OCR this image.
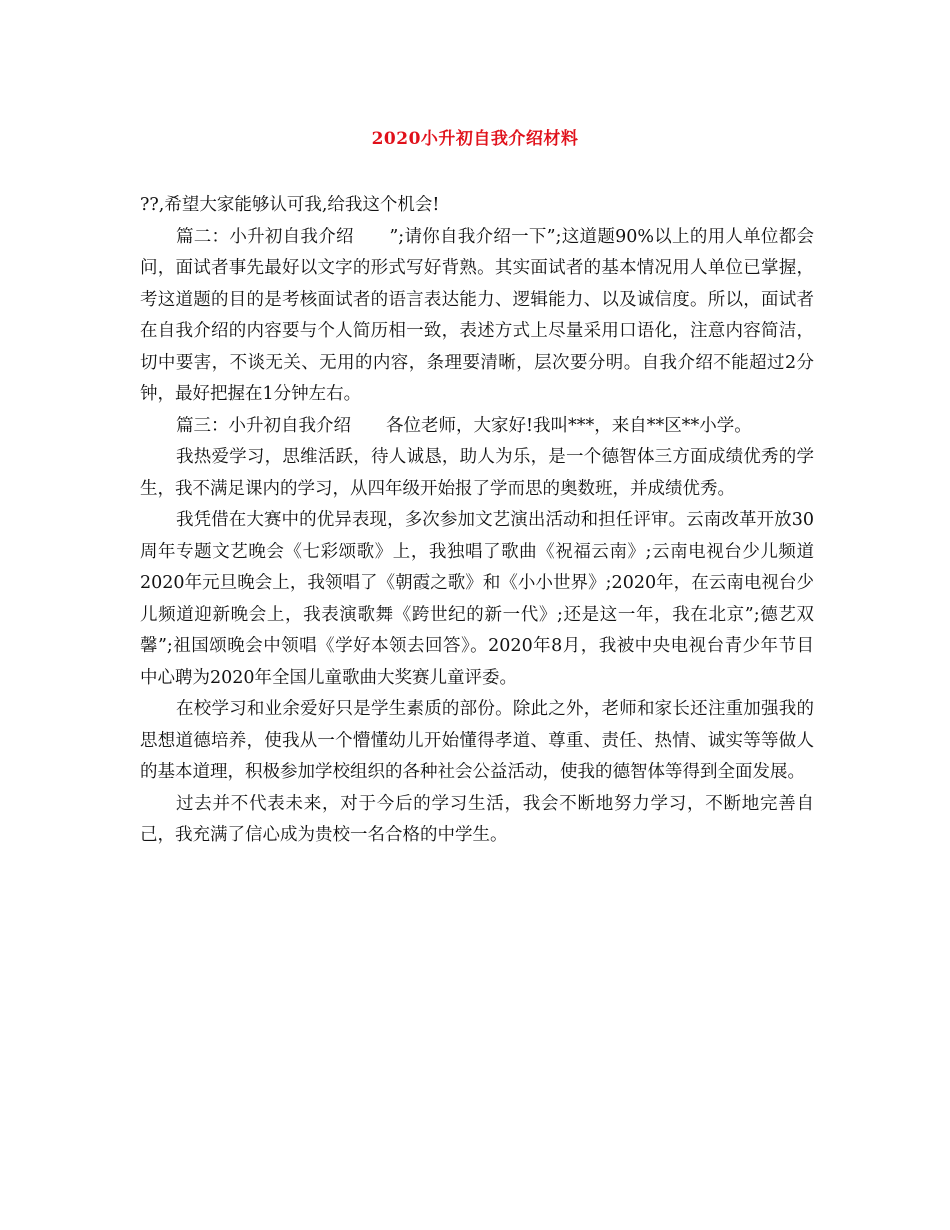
2020小升初自我介绍材料

??,希望大家能够认可我,给我这个机会!

篇二：小升初自我介绍　　”;请你自我介绍一下”;这道题90%以上的用人单位都会问，面试者事先最好以文字的形式写好背熟。其实面试者的基本情况用人单位已掌握，考这道题的目的是考核面试者的语言表达能力、逻辑能力、以及诚信度。所以，面试者在自我介绍的内容要与个人简历相一致，表述方式上尽量采用口语化，注意内容简洁，切中要害，不谈无关、无用的内容，条理要清晰，层次要分明。自我介绍不能超过2分钟，最好把握在1分钟左右。

篇三：小升初自我介绍　　各位老师，大家好!我叫***，来自**区**小学。

我热爱学习，思维活跃，待人诚恳，助人为乐，是一个德智体三方面成绩优秀的学生，我不满足课内的学习，从四年级开始报了学而思的奥数班，并成绩优秀。

我凭借在大赛中的优异表现，多次参加文艺演出活动和担任评审。云南改革开放30周年专题文艺晚会《七彩颂歌》上，我独唱了歌曲《祝福云南》;云南电视台少儿频道2020年元旦晚会上，我领唱了《朝霞之歌》和《小小世界》;2020年，在云南电视台少儿频道迎新晚会上，我表演歌舞《跨世纪的新一代》;还是这一年，我在北京”;德艺双馨”;祖国颂晚会中领唱《学好本领去回答》。2020年8月，我被中央电视台青少年节目中心聘为2020年全国儿童歌曲大奖赛儿童评委。

在校学习和业余爱好只是学生素质的部份。除此之外，老师和家长还注重加强我的思想道德培养，使我从一个懵懂幼儿开始懂得孝道、尊重、责任、热情、诚实等等做人的基本道理，积极参加学校组织的各种社会公益活动，使我的德智体等得到全面发展。

过去并不代表未来，对于今后的学习生活，我会不断地努力学习，不断地完善自己，我充满了信心成为贵校一名合格的中学生。
